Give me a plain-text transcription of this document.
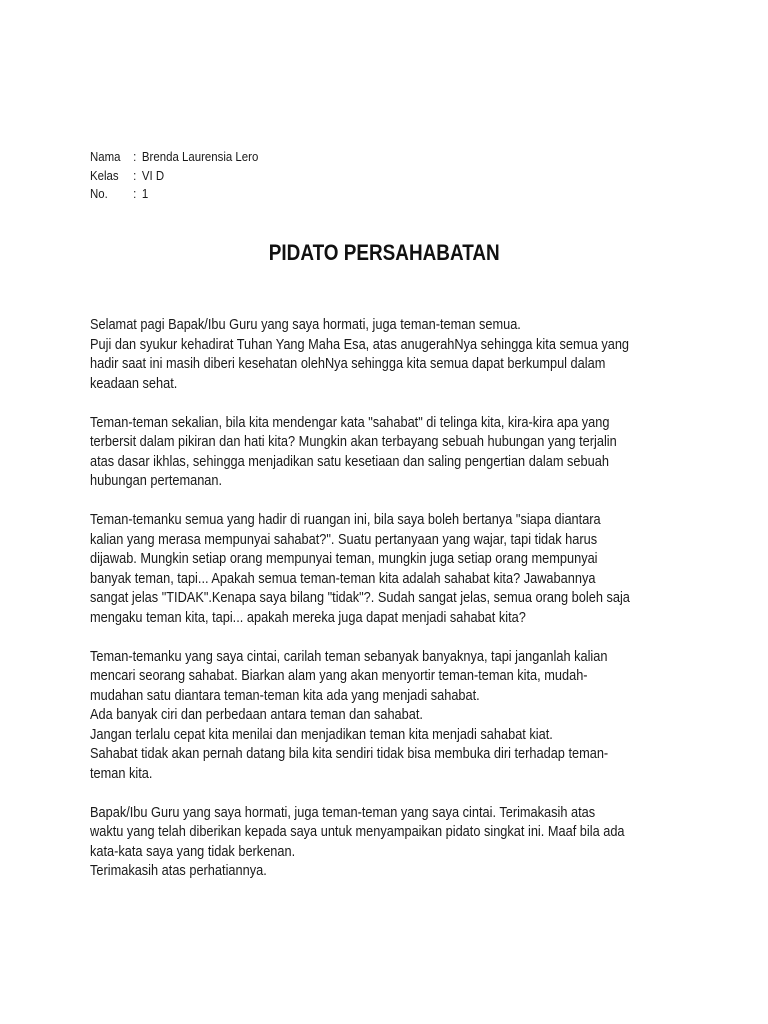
Nama : Brenda Laurensia Lero
Kelas	: VI D
No.	: 1
PIDATO PERSAHABATAN
Selamat pagi Bapak/Ibu Guru yang saya hormati, juga teman-teman semua.
Puji dan syukur kehadirat Tuhan Yang Maha Esa, atas anugerahNya sehingga kita semua yang
hadir saat ini masih diberi kesehatan olehNya sehingga kita semua dapat berkumpul dalam
keadaan sehat.
Teman-teman sekalian, bila kita mendengar kata "sahabat" di telinga kita, kira-kira apa yang
terbersit dalam pikiran dan hati kita? Mungkin akan terbayang sebuah hubungan yang terjalin
atas dasar ikhlas, sehingga menjadikan satu kesetiaan dan saling pengertian dalam sebuah
hubungan pertemanan.
Teman-temanku semua yang hadir di ruangan ini, bila saya boleh bertanya "siapa diantara
kalian yang merasa mempunyai sahabat?". Suatu pertanyaan yang wajar, tapi tidak harus
dijawab. Mungkin setiap orang mempunyai teman, mungkin juga setiap orang mempunyai
banyak teman, tapi... Apakah semua teman-teman kita adalah sahabat kita? Jawabannya
sangat jelas "TIDAK".Kenapa saya bilang "tidak"?. Sudah sangat jelas, semua orang boleh saja
mengaku teman kita, tapi... apakah mereka juga dapat menjadi sahabat kita?
Teman-temanku yang saya cintai, carilah teman sebanyak banyaknya, tapi janganlah kalian
mencari seorang sahabat. Biarkan alam yang akan menyortir teman-teman kita, mudah-
mudahan satu diantara teman-teman kita ada yang menjadi sahabat.
Ada banyak ciri dan perbedaan antara teman dan sahabat.
Jangan terlalu cepat kita menilai dan menjadikan teman kita menjadi sahabat kiat.
Sahabat tidak akan pernah datang bila kita sendiri tidak bisa membuka diri terhadap teman-
teman kita.
Bapak/Ibu Guru yang saya hormati, juga teman-teman yang saya cintai. Terimakasih atas
waktu yang telah diberikan kepada saya untuk menyampaikan pidato singkat ini. Maaf bila ada
kata-kata saya yang tidak berkenan.
Terimakasih atas perhatiannya.
